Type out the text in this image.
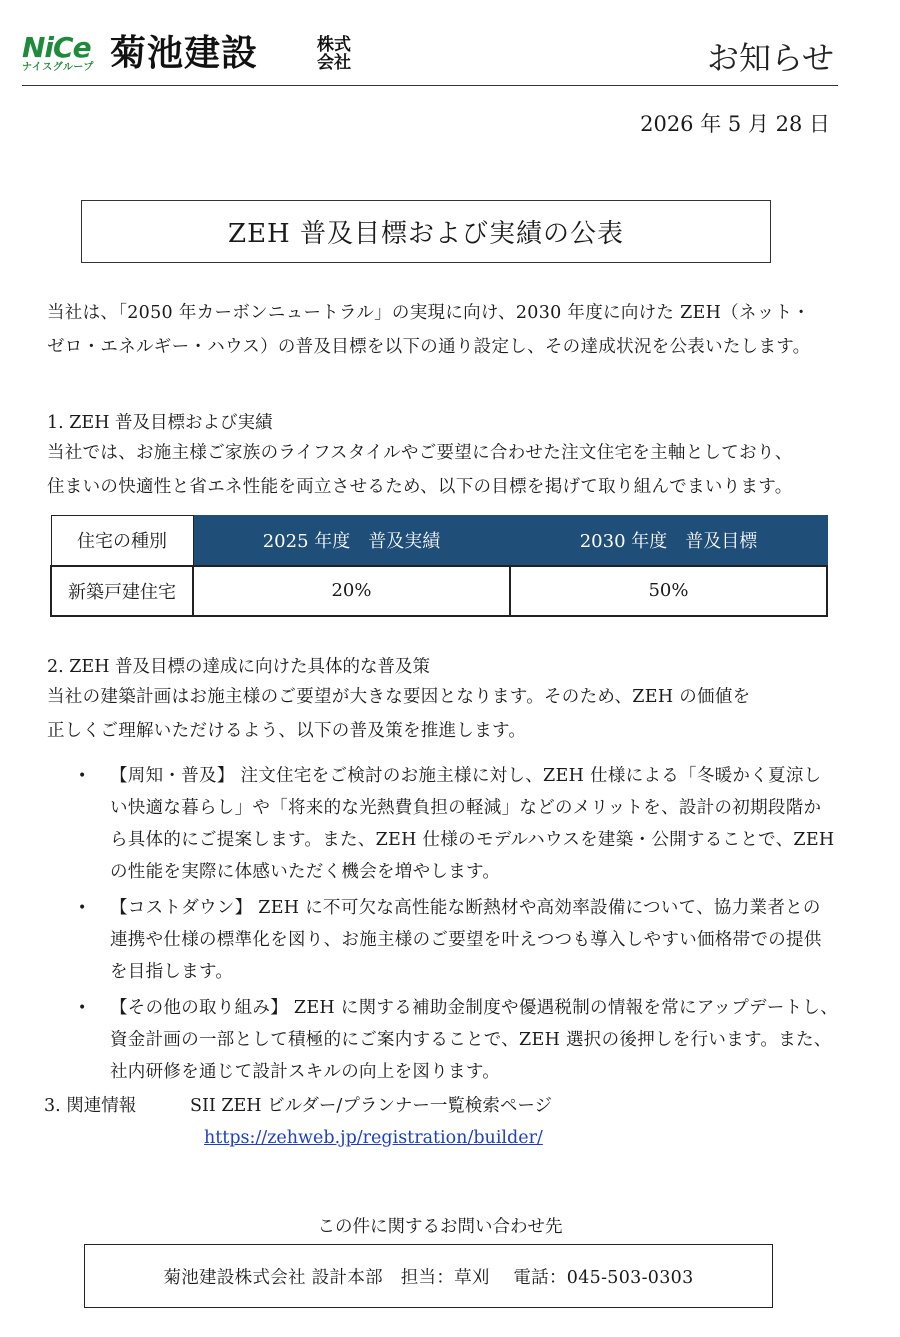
NiCe
ナイスグループ 菊池建設	株式
会社	お知らせ
2026 年 5 月 28 日
ZEH 普及目標および実績の公表
当社は、「2050 年カーボンニュートラル」の実現に向け、2030 年度に向けた ZEH（ネット・
ゼロ・エネルギー・ハウス）の普及目標を以下の通り設定し、その達成状況を公表いたします。
1. ZEH 普及目標および実績
当社では、お施主様ご家族のライフスタイルやご要望に合わせた注文住宅を主軸としており、
住まいの快適性と省エネ性能を両立させるため、以下の目標を掲げて取り組んでまいります。
住宅の種別	2025 年度　普及実績	2030 年度　普及目標
新築戸建住宅	20%	50%
2. ZEH 普及目標の達成に向けた具体的な普及策
当社の建築計画はお施主様のご要望が大きな要因となります。そのため、ZEH の価値を
正しくご理解いただけるよう、以下の普及策を推進します。
• 【周知・普及】 注文住宅をご検討のお施主様に対し、ZEH 仕様による「冬暖かく夏涼しい快適な暮らし」や「将来的な光熱費負担の軽減」などのメリットを、設計の初期段階から具体的にご提案します。また、ZEH 仕様のモデルハウスを建築・公開することで、ZEH の性能を実際に体感いただく機会を増やします。
• 【コストダウン】 ZEH に不可欠な高性能な断熱材や高効率設備について、協力業者との連携や仕様の標準化を図り、お施主様のご要望を叶えつつも導入しやすい価格帯での提供を目指します。
• 【その他の取り組み】 ZEH に関する補助金制度や優遇税制の情報を常にアップデートし、資金計画の一部として積極的にご案内することで、ZEH 選択の後押しを行います。また、社内研修を通じて設計スキルの向上を図ります。
3. 関連情報	SII ZEH ビルダー/プランナー一覧検索ページ
https://zehweb.jp/registration/builder/
この件に関するお問い合わせ先
菊池建設株式会社 設計本部　担当：草刈　 電話：045-503-0303
